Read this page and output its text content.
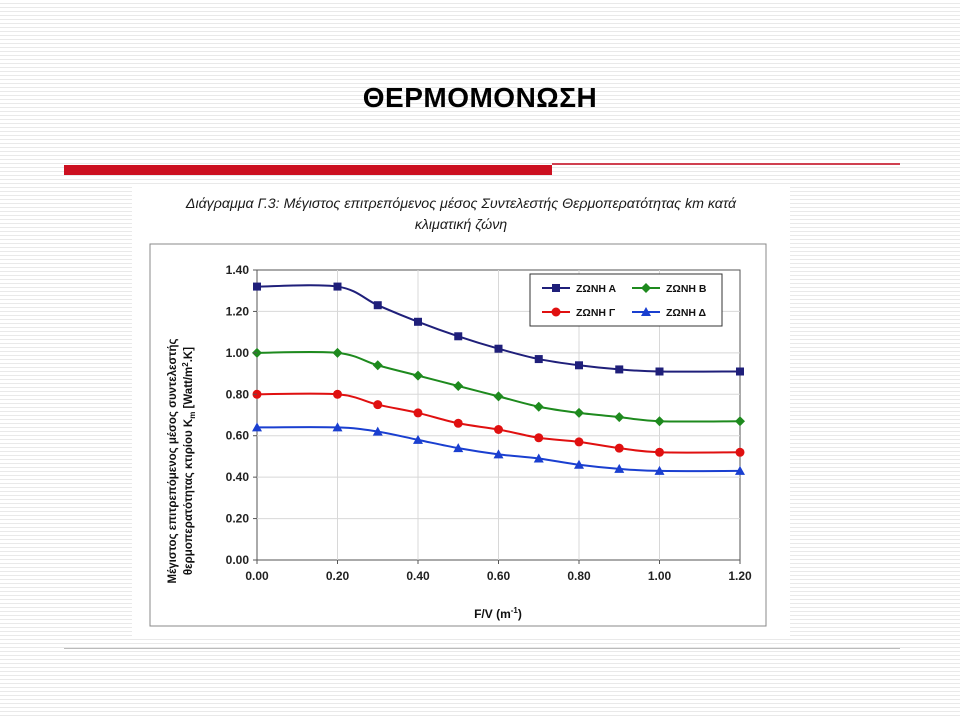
ΘΕΡΜΟΜΟΝΩΣΗ
Διάγραμμα Γ.3: Μέγιστος επιτρεπόμενος μέσος Συντελεστής Θερμοπερατότητας km κατά
κλιματική ζώνη
0.00
0.20
0.40
0.60
0.80
1.00
1.20
1.40
0.00	0.20	0.40	0.60	0.80	1.00	1.20
Μέγιστος επιτρεπόμενος μέσος συντελεστής θερμοπερατότητας κτιρίου $K_m$ $[Watt/m^2.K]$
F/V $(m^{-1})$
ΖΩΝΗ Α	ΖΩΝΗ Β
ΖΩΝΗ Γ	ΖΩΝΗ Δ
